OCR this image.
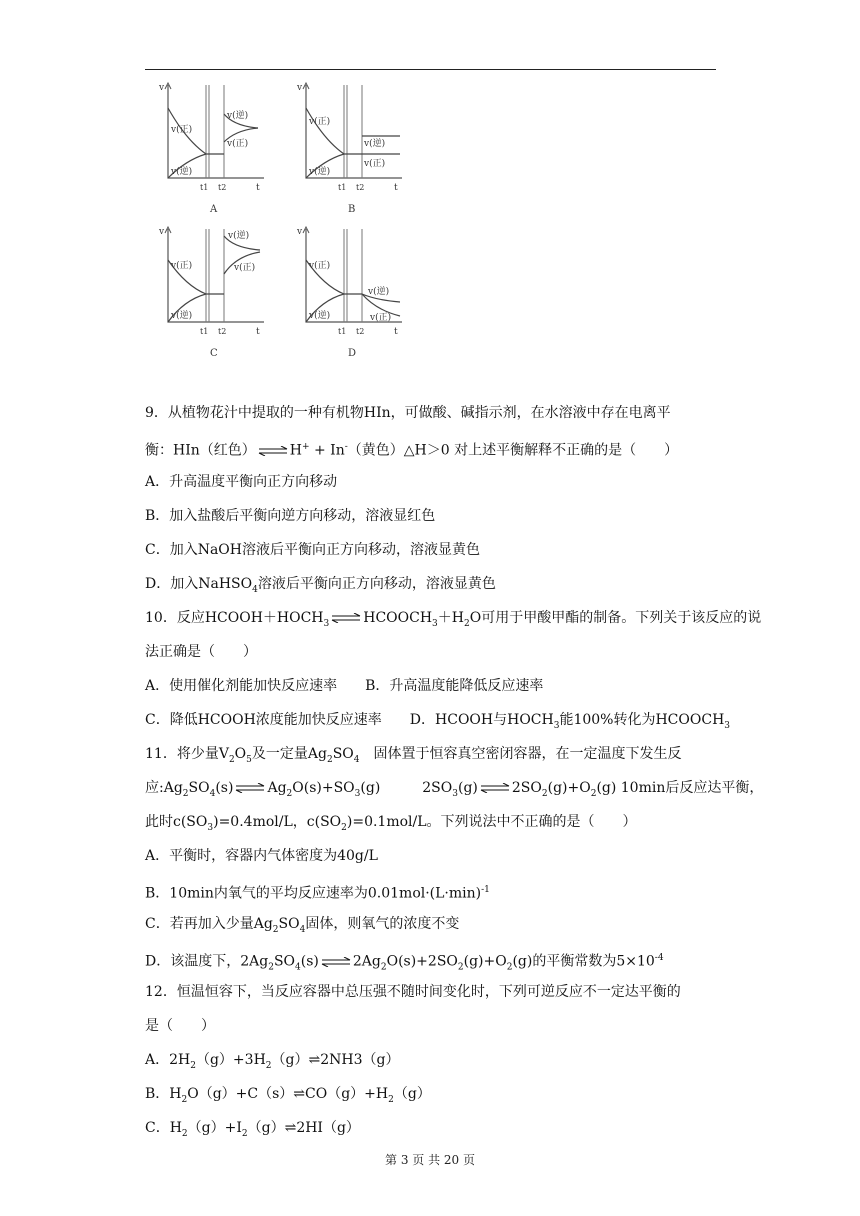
v
v(正)
v(逆)
v(逆)
v(正)
t1 t2	t
A
v
v(正)
v(逆)
v(逆)
v(正)
t1 t2	t
B
v
v(正)
v(逆)
v(逆)
v(正)
t1 t2	t
C
v
v(正)
v(逆)
v(逆)
v(正)
t1 t2	t
D
9．从植物花汁中提取的一种有机物HIn，可做酸、碱指示剂，在水溶液中存在电离平
衡：HIn（红色）⇌H+ + In-（黄色）△H＞0 对上述平衡解释不正确的是（　　）
A．升高温度平衡向正方向移动
B．加入盐酸后平衡向逆方向移动，溶液显红色
C．加入NaOH溶液后平衡向正方向移动，溶液显黄色
D．加入NaHSO$_4$溶液后平衡向正方向移动，溶液显黄色
10．反应$HCOOH+HOCH_3$ $\rightleftharpoons HCOOCH_3+H_2O$可用于甲酸甲酯的制备。下列关于该反应的说
法正确是（　　）
A．使用催化剂能加快反应速率　　B．升高温度能降低反应速率
C．降低HCOOH浓度能加快反应速率　　D．HCOOH与$HOCH_3$能100%转化为$HCOOCH_3$
11．将少量$V_2O_5$及一定量$Ag_2SO_4$　固体置于恒容真空密闭容器，在一定温度下发生反
应$:Ag_2SO_4(s)\rightleftharpoons Ag_2O(s)+SO_3(g)$　　　$2SO_3(g)\rightleftharpoons 2SO_2(g)+O_2(g)$ 10min后反应达平衡，
此时$c(SO_3)=0.4mol/L$，$c(SO_2)=0.1mol/L$。下列说法中不正确的是（　　）
A．平衡时，容器内气体密度为40g/L
B．10min内氧气的平均反应速率为$0.01mol\cdot(L\cdot\min)^{-1}$
C．若再加入少量$Ag_2SO_4$固体，则氧气的浓度不变
D．该温度下，$2Ag_2SO_4(s)\rightleftharpoons 2Ag_2O(s)+2SO_2(g)+O_2(g)$的平衡常数为$5\times 10^{-4}$
12．恒温恒容下，当反应容器中总压强不随时间变化时，下列可逆反应不一定达平衡的
是（　　）
A．$2H_2(g)+3H_2(g)\rightleftharpoons 2NH3(g)$
B．$H_2O(g)+C(s)\rightleftharpoons CO(g)+H_2(g)$
C．$H_2(g)+I_2(g)\rightleftharpoons 2HI(g)$
第 3 页 共 20 页
